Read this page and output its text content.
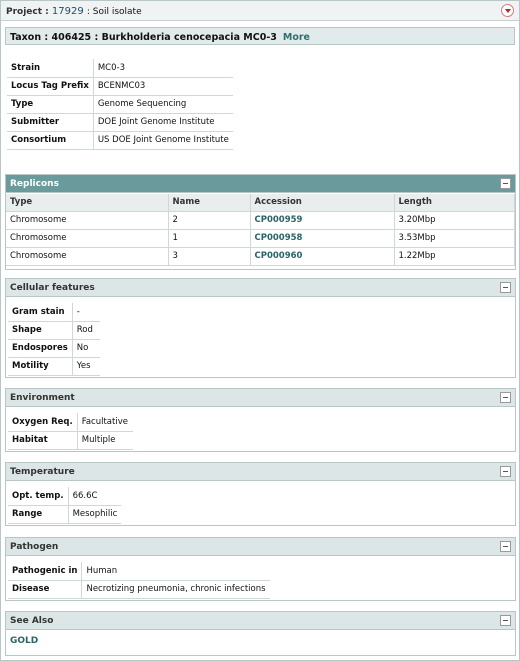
Project : 17929 : Soil isolate
Taxon : 406425 : Burkholderia cenocepacia MC0-3 More
Strain	MC0-3
Locus Tag Prefix	BCENMC03
Type	Genome Sequencing
Submitter	DOE Joint Genome Institute
Consortium	US DOE Joint Genome Institute
Replicons
Type	Name	Accession	Length
Chromosome	2	CP000959	3.20Mbp
Chromosome	1	CP000958	3.53Mbp
Chromosome	3	CP000960	1.22Mbp
Cellular features
Gram stain	-
Shape	Rod
Endospores	No
Motility	Yes
Environment
Oxygen Req.	Facultative
Habitat	Multiple
Temperature
Opt. temp.	66.6C
Range	Mesophilic
Pathogen
Pathogenic in	Human
Disease	Necrotizing pneumonia, chronic infections
See Also
GOLD
